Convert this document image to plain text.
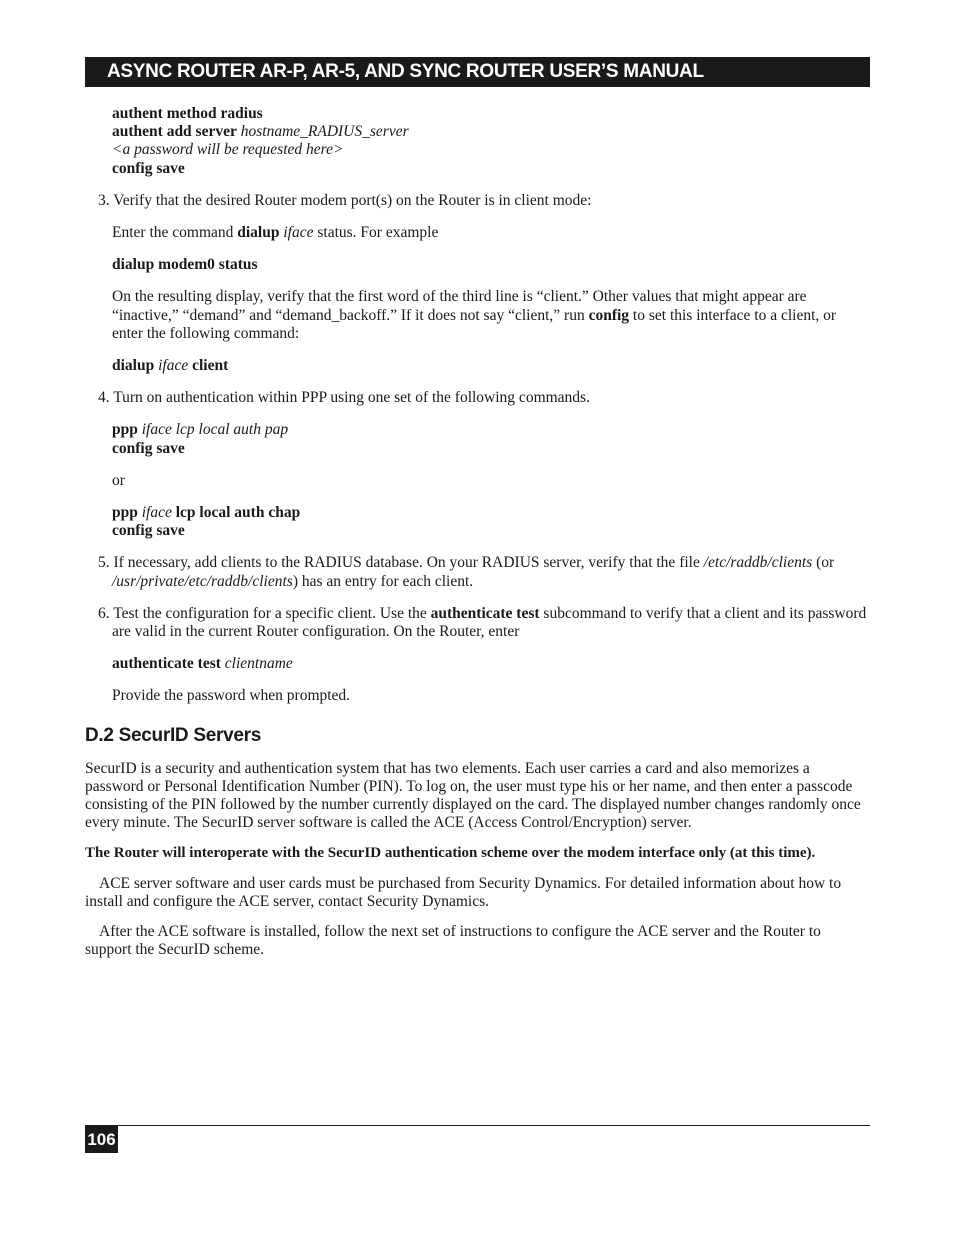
ASYNC ROUTER AR-P, AR-5, AND SYNC ROUTER USER’S MANUAL
authent method radius
authent add server hostname_RADIUS_server
<a password will be requested here>
config save

3. Verify that the desired Router modem port(s) on the Router is in client mode:

Enter the command dialup iface status. For example

dialup modem0 status

On the resulting display, verify that the first word of the third line is “client.” Other values that might appear are “inactive,” “demand” and “demand_backoff.” If it does not say “client,” run config to set this interface to a client, or enter the following command:

dialup iface client

4. Turn on authentication within PPP using one set of the following commands.

ppp iface lcp local auth pap
config save

or

ppp iface lcp local auth chap
config save

5. If necessary, add clients to the RADIUS database. On your RADIUS server, verify that the file /etc/raddb/clients (or /usr/private/etc/raddb/clients) has an entry for each client.

6. Test the configuration for a specific client. Use the authenticate test subcommand to verify that a client and its password are valid in the current Router configuration. On the Router, enter

authenticate test clientname

Provide the password when prompted.

D.2 SecurID Servers

SecurID is a security and authentication system that has two elements. Each user carries a card and also memorizes a password or Personal Identification Number (PIN). To log on, the user must type his or her name, and then enter a passcode consisting of the PIN followed by the number currently displayed on the card. The displayed number changes randomly once every minute. The SecurID server software is called the ACE (Access Control/Encryption) server.

The Router will interoperate with the SecurID authentication scheme over the modem interface only (at this time).

ACE server software and user cards must be purchased from Security Dynamics. For detailed information about how to install and configure the ACE server, contact Security Dynamics.

After the ACE software is installed, follow the next set of instructions to configure the ACE server and the Router to support the SecurID scheme.

106
